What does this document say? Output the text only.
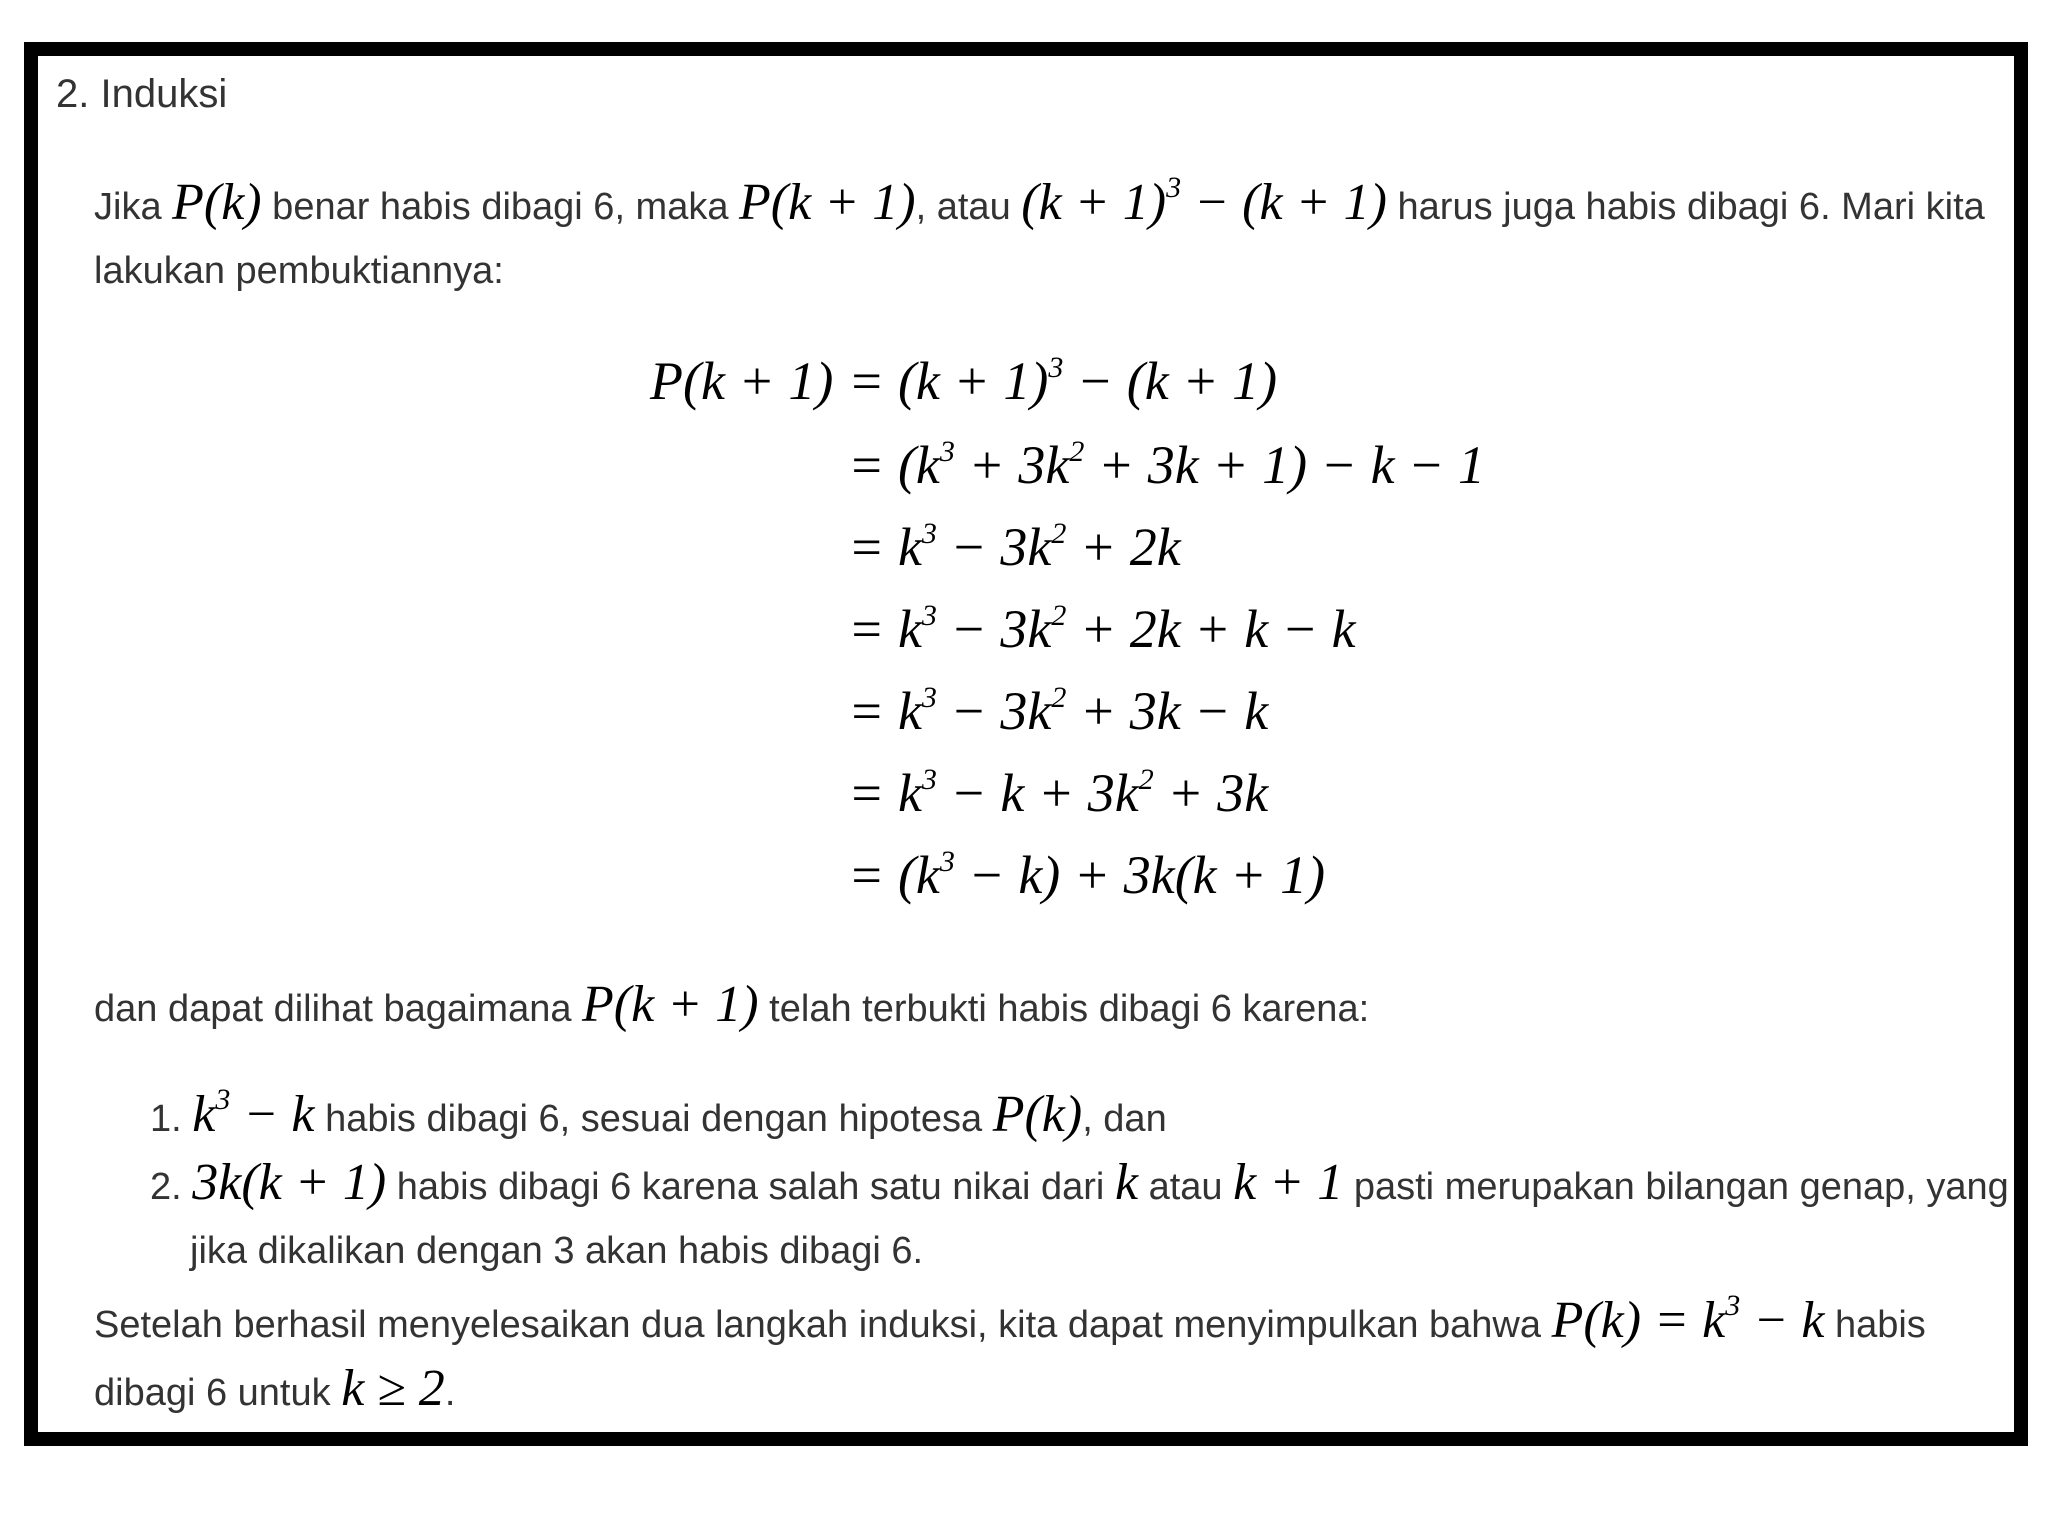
2. Induksi
Jika P(k) benar habis dibagi 6, maka P(k + 1), atau $(k + 1)^3 - (k + 1)$ harus juga habis dibagi 6. Mari kita
lakukan pembuktiannya:
$P(k + 1) = (k + 1)^3 - (k + 1)$
= $(k^3 + 3k^2 + 3k + 1) - k - 1$
= $k^3 - 3k^2 + 2k$
= $k^3 - 3k^2 + 2k + k - k$
= $k^3 - 3k^2 + 3k - k$
= $k^3 - k + 3k^2 + 3k$
= $(k^3 - k) + 3k(k + 1)$
dan dapat dilihat bagaimana P(k + 1) telah terbukti habis dibagi 6 karena:
1. $k^3 - k$ habis dibagi 6, sesuai dengan hipotesa P(k), dan
2. 3k(k + 1) habis dibagi 6 karena salah satu nikai dari k atau k + 1 pasti merupakan bilangan genap, yang
jika dikalikan dengan 3 akan habis dibagi 6.
Setelah berhasil menyelesaikan dua langkah induksi, kita dapat menyimpulkan bahwa $P(k) = k^3 - k$ habis
dibagi 6 untuk k ≥ 2.
